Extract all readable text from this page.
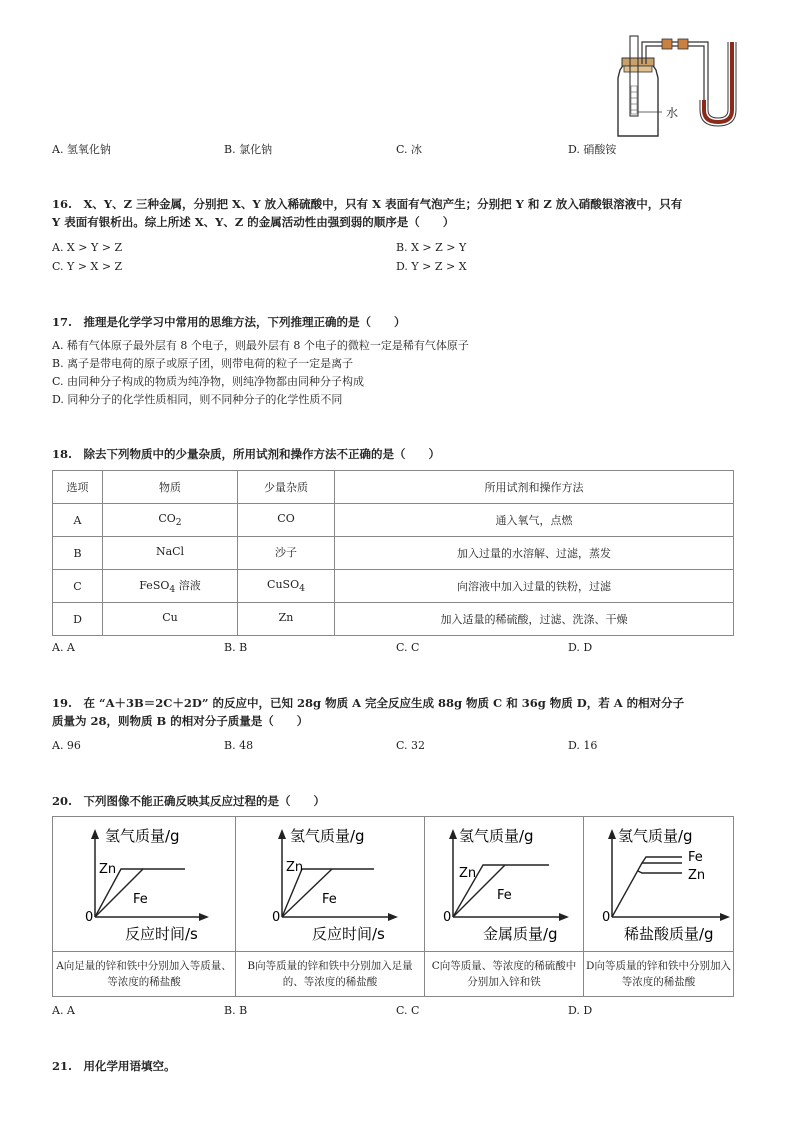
水
A. 氢氧化钠	B. 氯化钠	C. 冰	D. 硝酸铵
16.　X、Y、Z 三种金属，分别把 X、Y 放入稀硫酸中，只有 X 表面有气泡产生；分别把 Y 和 Z 放入硝酸银溶液中，只有
Y 表面有银析出。综上所述 X、Y、Z 的金属活动性由强到弱的顺序是（　　）
A. X > Y > Z	B. X > Z > Y
C. Y > X > Z	D. Y > Z > X
17.　推理是化学学习中常用的思维方法，下列推理正确的是（　　）
A. 稀有气体原子最外层有 8 个电子，则最外层有 8 个电子的微粒一定是稀有气体原子
B. 离子是带电荷的原子或原子团，则带电荷的粒子一定是离子
C. 由同种分子构成的物质为纯净物，则纯净物都由同种分子构成
D. 同种分子的化学性质相同，则不同种分子的化学性质不同
18.　除去下列物质中的少量杂质，所用试剂和操作方法不正确的是（　　）
选项	物质	少量杂质	所用试剂和操作方法
A	$CO_2$	CO	通入氧气，点燃
B	NaCl	沙子	加入过量的水溶解、过滤，蒸发
C	FeSO$_4$ 溶液	CuSO$_4$	向溶液中加入过量的铁粉，过滤
D	Cu	Zn	加入适量的稀硫酸，过滤、洗涤、干燥
A. A	B. B	C. C	D. D
19.　在 “A＋3B＝2C＋2D” 的反应中，已知 28g 物质 A 完全反应生成 88g 物质 C 和 36g 物质 D，若 A 的相对分子
质量为 28，则物质 B 的相对分子质量是（　　）
A. 96	B. 48	C. 32	D. 16
20.　下列图像不能正确反映其反应过程的是（　　）
氢气质量/g
0
反应时间/s
Zn
Fe	氢气质量/g
0
反应时间/s
Zn
Fe	氢气质量/g
0
金属质量/g
Zn
Fe	氢气质量/g
0
稀盐酸质量/g
Fe
Zn

A向足量的锌和铁中分别加入等质量、等浓度的稀盐酸	B向等质量的锌和铁中分别加入足量的、等浓度的稀盐酸	C向等质量、等浓度的稀硫酸中分别加入锌和铁	D向等质量的锌和铁中分别加入等浓度的稀盐酸
A. A	B. B	C. C	D. D
21.　用化学用语填空。
